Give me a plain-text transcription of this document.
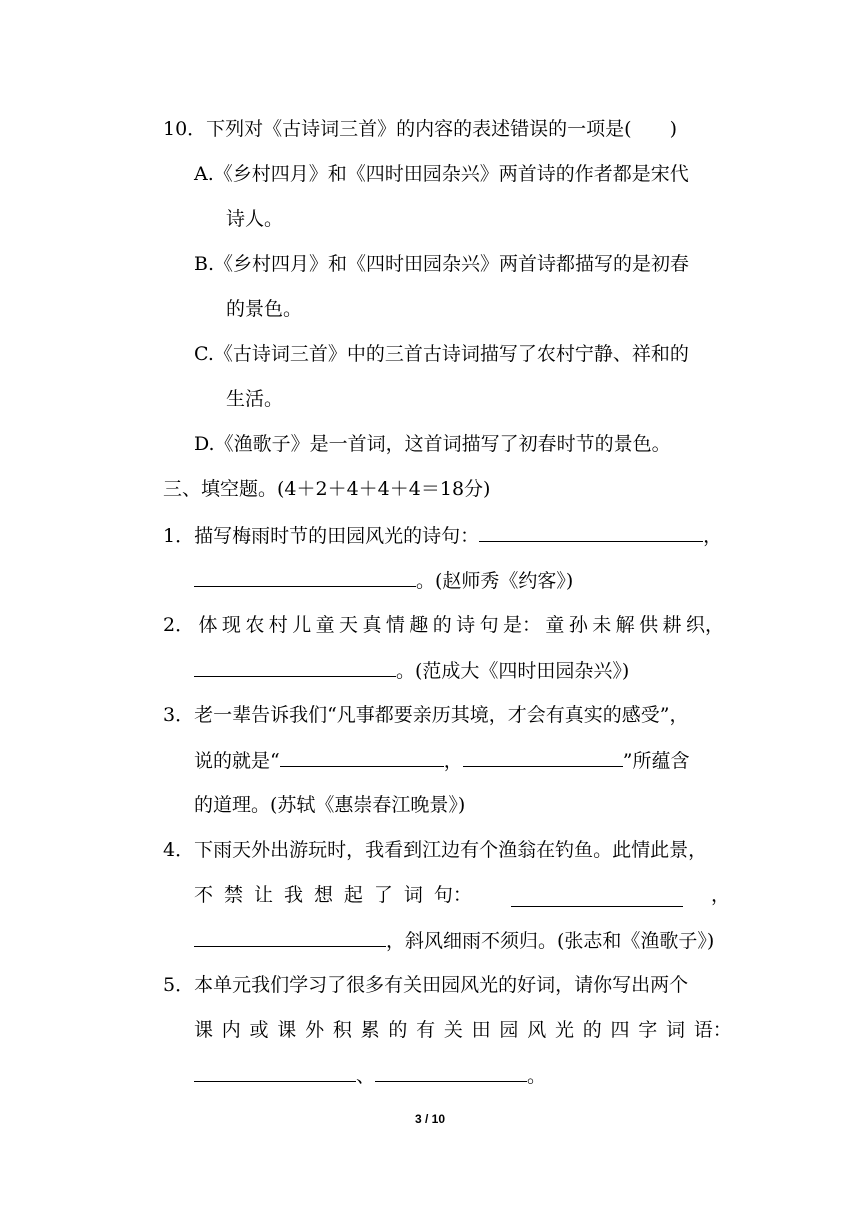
10．下列对《古诗词三首》的内容的表述错误的一项是(　　)
A.《乡村四月》和《四时田园杂兴》两首诗的作者都是宋代
诗人。
B.《乡村四月》和《四时田园杂兴》两首诗都描写的是初春
的景色。
C.《古诗词三首》中的三首古诗词描写了农村宁静、祥和的
生活。
D.《渔歌子》是一首词，这首词描写了初春时节的景色。
三、填空题。(4＋2＋4＋4＋4＝18分)
1．描写梅雨时节的田园风光的诗句：	，
。(赵师秀《约客》)
2． 体 现 农 村 儿 童 天 真 情 趣 的 诗 句 是： 童 孙 未 解 供 耕 织，
。(范成大《四时田园杂兴》)
3．老一辈告诉我们“凡事都要亲历其境，才会有真实的感受”，
说的就是“	，	”所蕴含
的道理。(苏轼《惠崇春江晚景》)
4．下雨天外出游玩时，我看到江边有个渔翁在钓鱼。此情此景，
不 禁 让 我 想 起 了 词 句：	，
，斜风细雨不须归。(张志和《渔歌子》)
5．本单元我们学习了很多有关田园风光的好词，请你写出两个
课 内 或 课 外 积 累 的 有 关 田 园 风 光 的 四 字 词 语：
、	。
3 / 10
